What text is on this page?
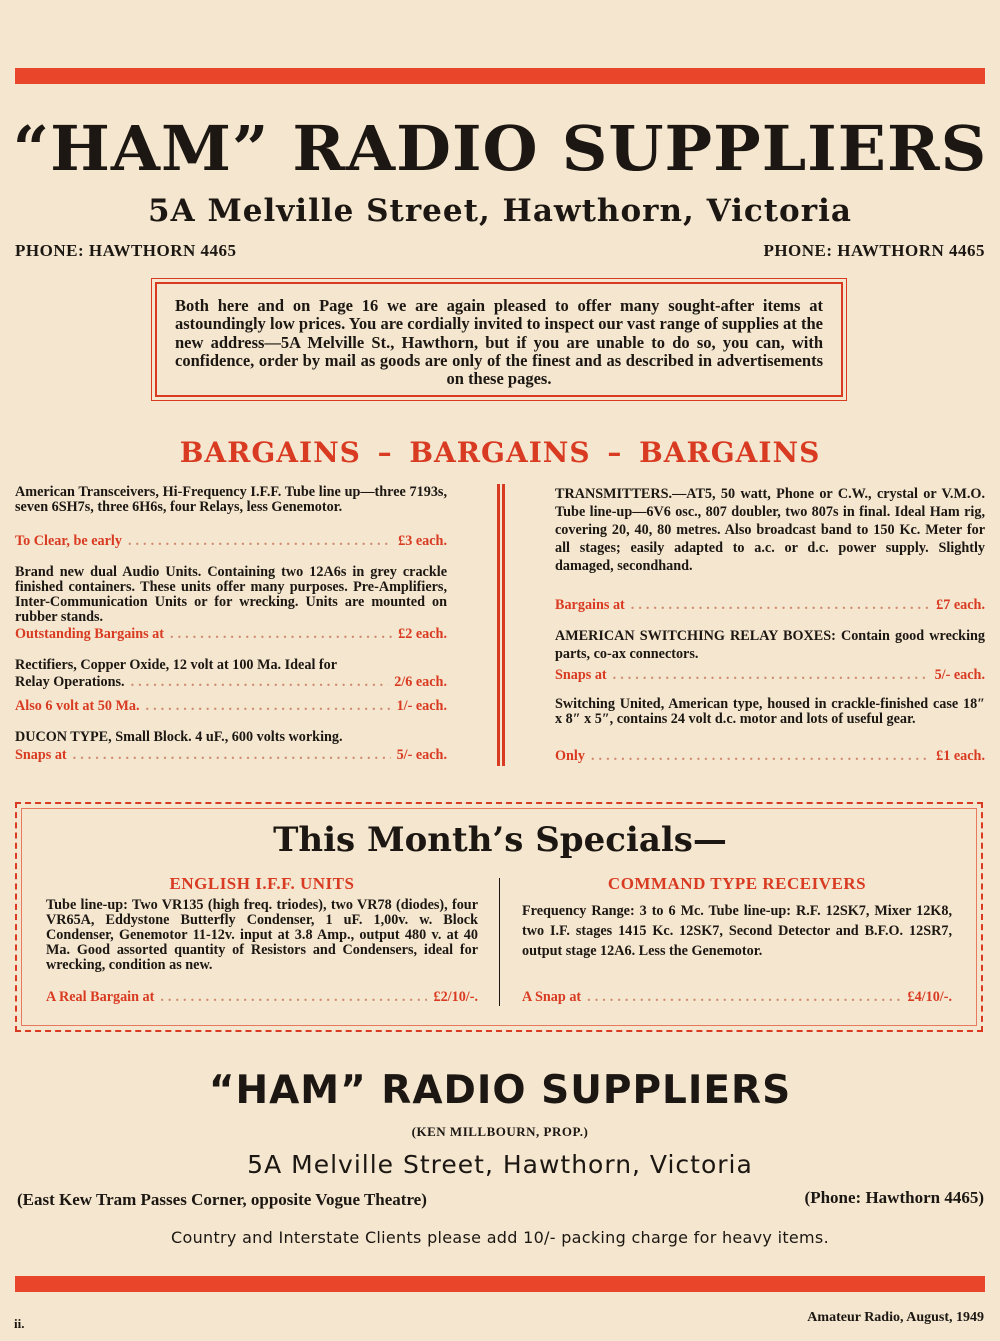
“HAM” RADIO SUPPLIERS
5A Melville Street, Hawthorn, Victoria
PHONE: HAWTHORN 4465	PHONE: HAWTHORN 4465
Both here and on Page 16 we are again pleased to offer many sought-after items at astoundingly low prices. You are cordially invited to inspect our vast range of supplies at the new address—5A Melville St., Hawthorn, but if you are unable to do so, you can, with confidence, order by mail as goods are only of the finest and as described in advertisements on these pages.
BARGAINS – BARGAINS – BARGAINS
American Transceivers, Hi-Frequency I.F.F. Tube line up—three 7193s, seven 6SH7s, three 6H6s, four Relays, less Genemotor.
To Clear, be early .....	£3 each.
Brand new dual Audio Units. Containing two 12A6s in grey crackle finished containers. These units offer many purposes. Pre-Amplifiers, Inter-Communication Units or for wrecking. Units are mounted on rubber stands.
Outstanding Bargains at .....	£2 each.
Rectifiers, Copper Oxide, 12 volt at 100 Ma. Ideal for
Relay Operations. .....	2/6 each.
Also 6 volt at 50 Ma. .....	1/- each.
DUCON TYPE, Small Block. 4 uF., 600 volts working.
Snaps at .....	5/- each.
TRANSMITTERS.—AT5, 50 watt, Phone or C.W., crystal or V.M.O. Tube line-up—6V6 osc., 807 doubler, two 807s in final. Ideal Ham rig, covering 20, 40, 80 metres. Also broadcast band to 150 Kc. Meter for all stages; easily adapted to a.c. or d.c. power supply. Slightly damaged, secondhand.
Bargains at .....	£7 each.
AMERICAN SWITCHING RELAY BOXES: Contain good wrecking parts, co-ax connectors.
Snaps at .....	5/- each.
Switching United, American type, housed in crackle-finished case 18″ x 8″ x 5″, contains 24 volt d.c. motor and lots of useful gear.
Only .....	£1 each.
This Month’s Specials—
ENGLISH I.F.F. UNITS
Tube line-up: Two VR135 (high freq. triodes), two VR78 (diodes), four VR65A, Eddystone Butterfly Condenser, 1 uF. 1,00v. w. Block Condenser, Genemotor 11-12v. input at 3.8 Amp., output 480 v. at 40 Ma. Good assorted quantity of Resistors and Condensers, ideal for wrecking, condition as new.
A Real Bargain at .....	£2/10/-.
COMMAND TYPE RECEIVERS
Frequency Range: 3 to 6 Mc. Tube line-up: R.F. 12SK7, Mixer 12K8, two I.F. stages 1415 Kc. 12SK7, Second Detector and B.F.O. 12SR7, output stage 12A6. Less the Genemotor.
A Snap at .....	£4/10/-.
“HAM” RADIO SUPPLIERS
(KEN MILLBOURN, PROP.)
5A Melville Street, Hawthorn, Victoria
(East Kew Tram Passes Corner, opposite Vogue Theatre)	(Phone: Hawthorn 4465)
Country and Interstate Clients please add 10/- packing charge for heavy items.
ii.	Amateur Radio, August, 1949
